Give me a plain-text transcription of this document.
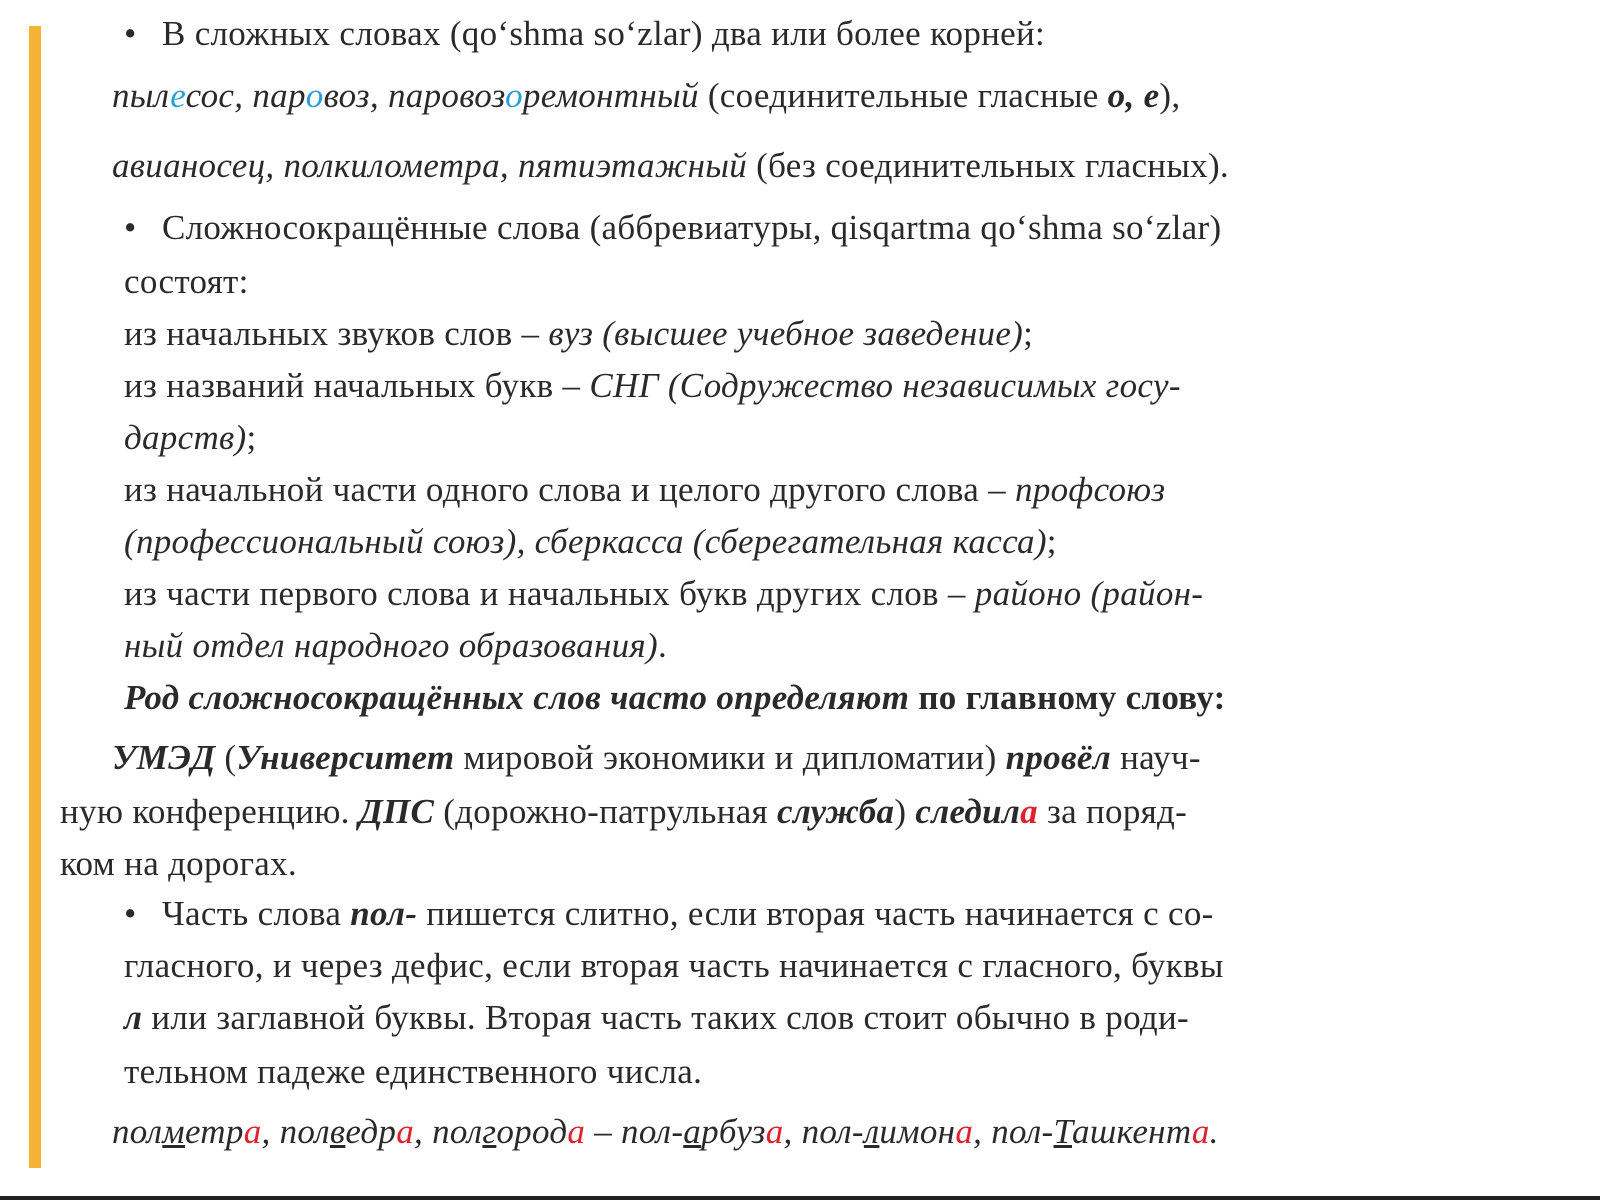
• В сложных словах (qo‘shma so‘zlar) два или более корней:
пылесос, паровоз, паровозоремонтный (соединительные гласные о, е),
авианосец, полкилометра, пятиэтажный (без соединительных гласных).
• Сложносокращённые слова (аббревиатуры, qisqartma qo‘shma so‘zlar)
состоят:
из начальных звуков слов – вуз (высшее учебное заведение);
из названий начальных букв – СНГ (Содружество независимых госу-
дарств);
из начальной части одного слова и целого другого слова – профсоюз
(профессиональный союз), сберкасса (сберегательная касса);
из части первого слова и начальных букв других слов – районо (район-
ный отдел народного образования).
Род сложносокращённых слов часто определяют по главному слову:
УМЭД (Университет мировой экономики и дипломатии) провёл науч-
ную конференцию. ДПС (дорожно-патрульная служба) следила за поряд-
ком на дорогах.
• Часть слова пол- пишется слитно, если вторая часть начинается с со-
гласного, и через дефис, если вторая часть начинается с гласного, буквы
л или заглавной буквы. Вторая часть таких слов стоит обычно в роди-
тельном падеже единственного числа.
полметра, полведра, полгорода – пол-арбуза, пол-лимона, пол-Ташкента.
